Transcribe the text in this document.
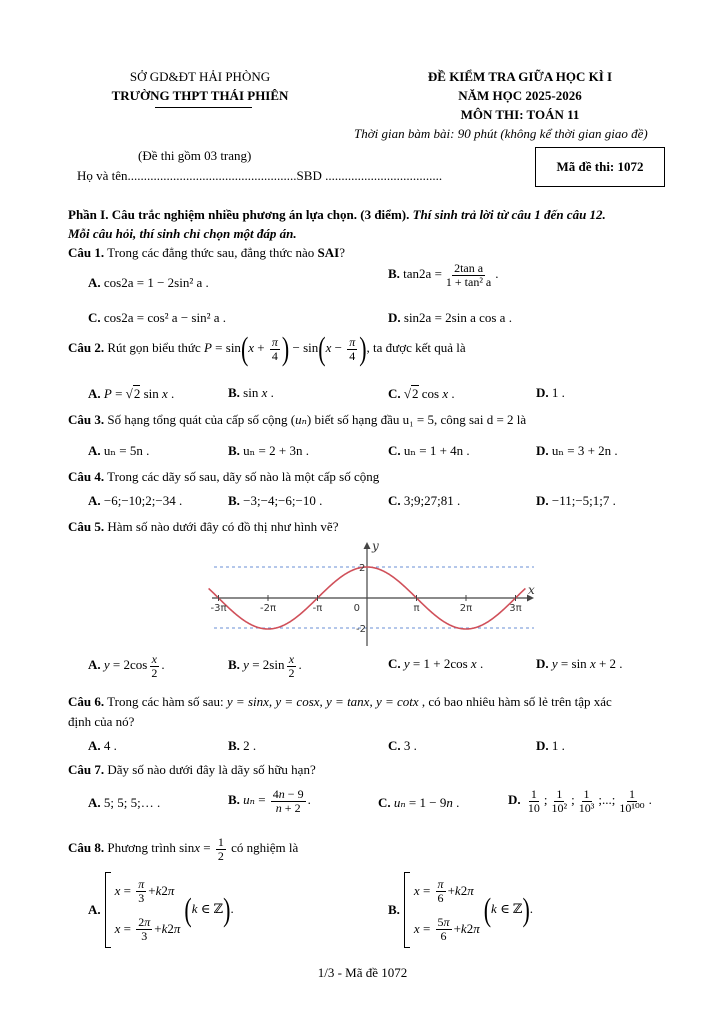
SỞ GD&ĐT HẢI PHÒNG
TRƯỜNG THPT THÁI PHIÊN
ĐỀ KIỂM TRA GIỮA HỌC KÌ I
NĂM HỌC 2025-2026
MÔN THI: TOÁN 11
Thời gian bàm bài: 90 phút (không kể thời gian giao đề)
(Đề thi gồm 03 trang)
Họ và tên....................................................SBD ....................................
Mã đề thi: 1072
Phần I. Câu trắc nghiệm nhiều phương án lựa chọn. (3 điểm). Thí sinh trả lời từ câu 1 đến câu 12.
Mỗi câu hỏi, thí sinh chỉ chọn một đáp án.
Câu 1. Trong các đẳng thức sau, đẳng thức nào SAI?
A. cos2a = 1 − 2sin² a .
B. $\tan 2a = \frac{\text{2tan a}}{\text{1 + tan² a}}$ .
C. cos2a = cos² a − sin² a .	D. sin2a = 2sin a cos a .
Câu 2. Rút gọn biểu thức $P = \sin(x + \frac{\pi}{4}$ ) − $\sin(x - \frac{\pi}{4}$ ), ta được kết quả là
A. P = √2 sin x .	B. sin x .	C. √2 cos x .	D. 1 .
Câu 3. Số hạng tổng quát của cấp số cộng (uₙ) biết số hạng đầu u₁ = 5, công sai d = 2 là
A. uₙ = 5n .	B. uₙ = 2 + 3n .	C. uₙ = 1 + 4n .	D. uₙ = 3 + 2n .
Câu 4. Trong các dãy số sau, dãy số nào là một cấp số cộng
A. −6;−10;2;−34 .	B. −3;−4;−6;−10 .	C. 3;9;27;81 .	D. −11;−5;1;7 .
Câu 5. Hàm số nào dưới đây có đồ thị như hình vẽ?
-3π	-2π	-π	0	π	2π	3π
2
-2
x
y
A. $y = 2\cos \frac{x}{2}$ .	B. $y = 2\sin \frac{x}{2}$ .	C. y = 1 + 2cos x .	D. y = sin x + 2 .
Câu 6. Trong các hàm số sau: y = sinx, y = cosx, y = tanx, y = cotx , có bao nhiêu hàm số lẻ trên tập xác
định của nó?
A. 4 .	B. 2 .	C. 3 .	D. 1 .
Câu 7. Dãy số nào dưới đây là dãy số hữu hạn?
A. 5; 5; 5;… .	B. $u_n = \frac{4n - 9}{n + 2}$ .	C. uₙ = 1 − 9n .	D. $\frac{1}{10}$ ; $\frac{1}{\text{10²}}$ ; $\frac{1}{\text{10³}}$ ;...; $\frac{1}{\text{10¹⁰⁰}}$ .
Câu 8. Phương trình $\sin x = \frac{1}{2}$ có nghiệm là
A.
$x = \frac{\pi}{3} + k$ 2 π
$x = \frac{2\pi}{3} + k$ 2 π
(k ∈ ℤ).	B.
$x = \frac{\pi}{6} + k$ 2 π
$x = \frac{5\pi}{6} + k$ 2 π
(k ∈ ℤ).
1/3 - Mã đề 1072
